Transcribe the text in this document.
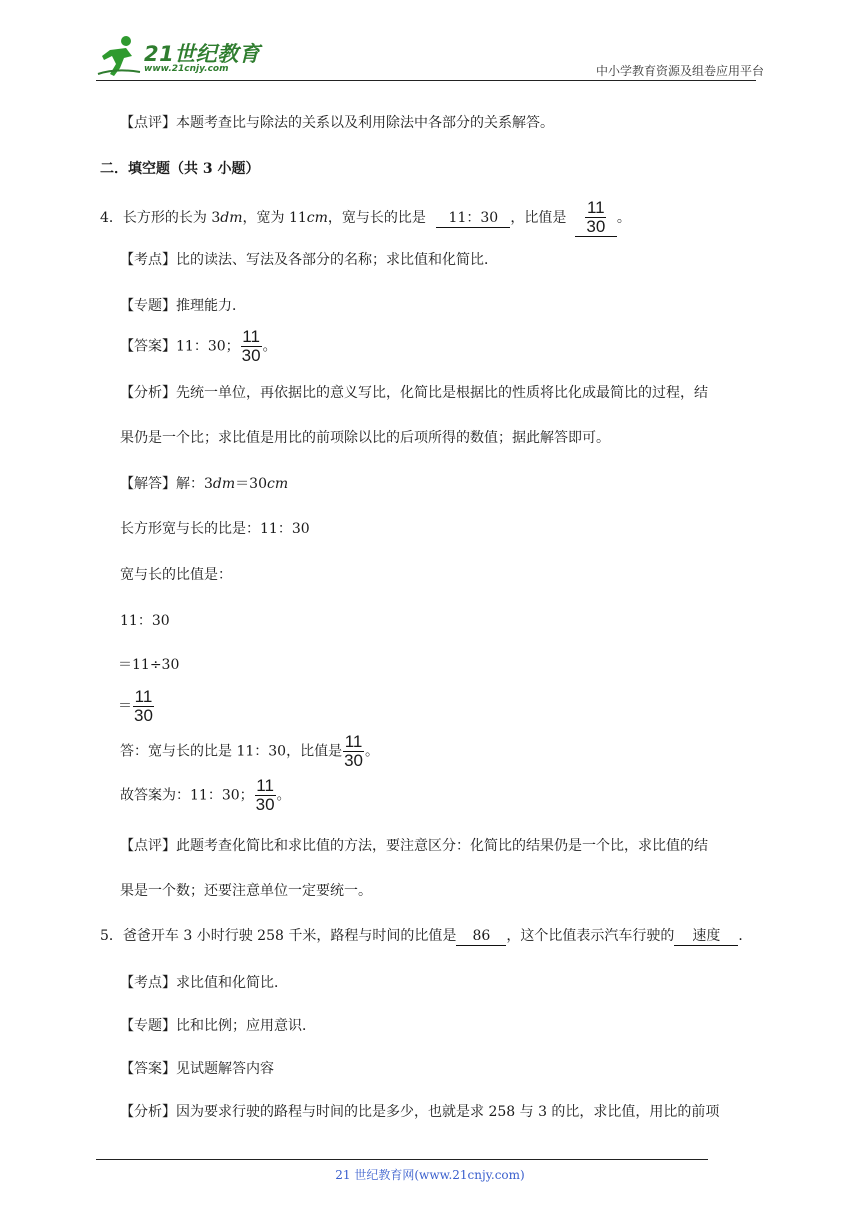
21世纪教育
www.21cnjy.com	中小学教育资源及组卷应用平台
【点评】本题考查比与除法的关系以及利用除法中各部分的关系解答。
二．填空题（共 3 小题）
4．长方形的长为 3dm，宽为 11cm，宽与长的比是 11：30 ，比值是 $\frac{11}{30}$ 。
【考点】比的读法、写法及各部分的名称；求比值和化简比．
【专题】推理能力．
【答案】11：30； $\frac{11}{30}$ 。
【分析】先统一单位，再依据比的意义写比，化简比是根据比的性质将比化成最简比的过程，结
果仍是一个比；求比值是用比的前项除以比的后项所得的数值；据此解答即可。
【解答】解：3dm＝30cm
长方形宽与长的比是：11：30
宽与长的比值是：
11：30
＝11÷30
＝ $\frac{11}{30}$
答：宽与长的比是 11：30，比值是 $\frac{11}{30}$ 。
故答案为：11：30； $\frac{11}{30}$ 。
【点评】此题考查化简比和求比值的方法，要注意区分：化简比的结果仍是一个比，求比值的结
果是一个数；还要注意单位一定要统一。
5．爸爸开车 3 小时行驶 258 千米，路程与时间的比值是 86 ，这个比值表示汽车行驶的 速度 ．
【考点】求比值和化简比．
【专题】比和比例；应用意识．
【答案】见试题解答内容
【分析】因为要求行驶的路程与时间的比是多少，也就是求 258 与 3 的比，求比值，用比的前项
21 世纪教育网(www.21cnjy.com)
